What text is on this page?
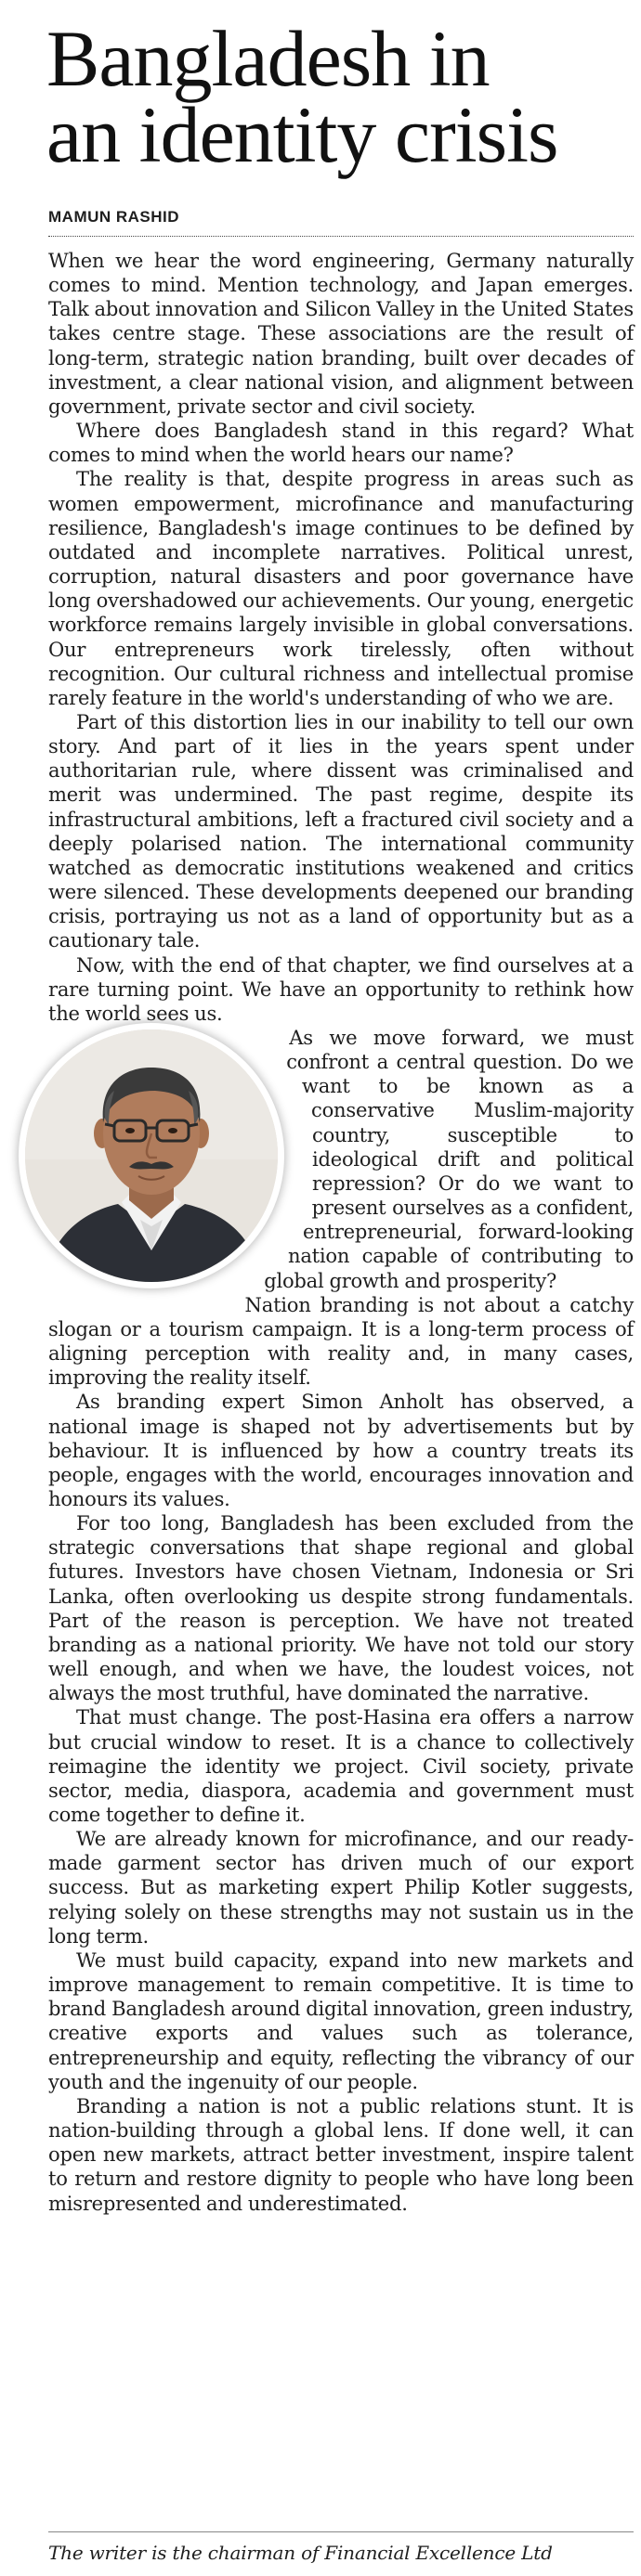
Bangladesh in
an identity crisis
MAMUN RASHID

When we hear the word engineering, Germany naturally comes to mind. Mention technology, and Japan emerges. Talk about innovation and Silicon Valley in the United States takes centre stage. These associations are the result of long-term, strategic nation branding, built over decades of investment, a clear national vision, and alignment between government, private sector and civil society.

Where does Bangladesh stand in this regard? What comes to mind when the world hears our name?

The reality is that, despite progress in areas such as women empowerment, microfinance and manufacturing resilience, Bangladesh's image continues to be defined by outdated and incomplete narratives. Political unrest, corruption, natural disasters and poor governance have long overshadowed our achievements. Our young, energetic workforce remains largely invisible in global conversations. Our entrepreneurs work tirelessly, often without recognition. Our cultural richness and intellectual promise rarely feature in the world's understanding of who we are.

Part of this distortion lies in our inability to tell our own story. And part of it lies in the years spent under authoritarian rule, where dissent was criminalised and merit was undermined. The past regime, despite its infrastructural ambitions, left a fractured civil society and a deeply polarised nation. The international community watched as democratic institutions weakened and critics were silenced. These developments deepened our branding crisis, portraying us not as a land of opportunity but as a cautionary tale.

Now, with the end of that chapter, we find ourselves at a rare turning point. We have an opportunity to rethink how the world sees us.

As we move forward, we must confront a central question. Do we want to be known as a conservative Muslim-majority country, susceptible to ideological drift and political repression? Or do we want to present ourselves as a confident, entrepreneurial, forward-looking nation capable of contributing to global growth and prosperity?

Nation branding is not about a catchy slogan or a tourism campaign. It is a long-term process of aligning perception with reality and, in many cases, improving the reality itself.

As branding expert Simon Anholt has observed, a national image is shaped not by advertisements but by behaviour. It is influenced by how a country treats its people, engages with the world, encourages innovation and honours its values.

For too long, Bangladesh has been excluded from the strategic conversations that shape regional and global futures. Investors have chosen Vietnam, Indonesia or Sri Lanka, often overlooking us despite strong fundamentals. Part of the reason is perception. We have not treated branding as a national priority. We have not told our story well enough, and when we have, the loudest voices, not always the most truthful, have dominated the narrative.

That must change. The post-Hasina era offers a narrow but crucial window to reset. It is a chance to collectively reimagine the identity we project. Civil society, private sector, media, diaspora, academia and government must come together to define it.

We are already known for microfinance, and our ready-made garment sector has driven much of our export success. But as marketing expert Philip Kotler suggests, relying solely on these strengths may not sustain us in the long term.

We must build capacity, expand into new markets and improve management to remain competitive. It is time to brand Bangladesh around digital innovation, green industry, creative exports and values such as tolerance, entrepreneurship and equity, reflecting the vibrancy of our youth and the ingenuity of our people.

Branding a nation is not a public relations stunt. It is nation-building through a global lens. If done well, it can open new markets, attract better investment, inspire talent to return and restore dignity to people who have long been misrepresented and underestimated.

The writer is the chairman of Financial Excellence Ltd
